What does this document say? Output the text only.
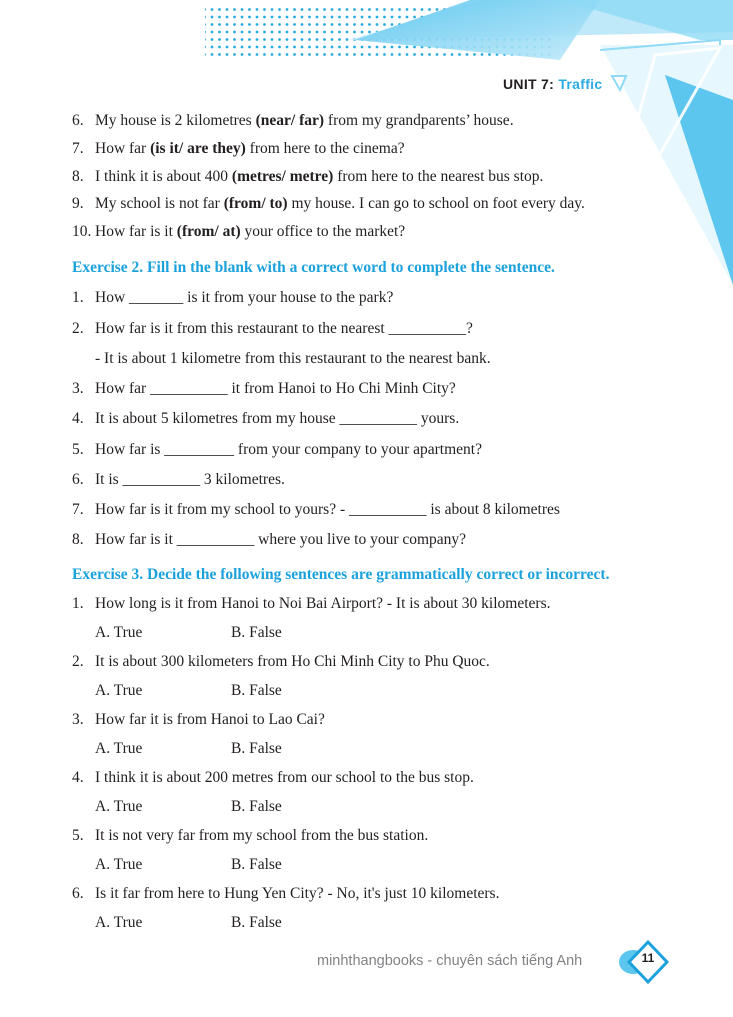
UNIT 7: Traffic
6. My house is 2 kilometres (near/ far) from my grandparents’ house.
7. How far (is it/ are they) from here to the cinema?
8. I think it is about 400 (metres/ metre) from here to the nearest bus stop.
9. My school is not far (from/ to) my house. I can go to school on foot every day.
10. How far is it (from/ at) your office to the market?
Exercise 2. Fill in the blank with a correct word to complete the sentence.
1. How _______ is it from your house to the park?
2. How far is it from this restaurant to the nearest __________?
- It is about 1 kilometre from this restaurant to the nearest bank.
3. How far __________ it from Hanoi to Ho Chi Minh City?
4. It is about 5 kilometres from my house __________ yours.
5. How far is _________ from your company to your apartment?
6. It is __________ 3 kilometres.
7. How far is it from my school to yours? - __________ is about 8 kilometres
8. How far is it __________ where you live to your company?
Exercise 3. Decide the following sentences are grammatically correct or incorrect.
1. How long is it from Hanoi to Noi Bai Airport? - It is about 30 kilometers.
A. True	B. False
2. It is about 300 kilometers from Ho Chi Minh City to Phu Quoc.
A. True	B. False
3. How far it is from Hanoi to Lao Cai?
A. True	B. False
4. I think it is about 200 metres from our school to the bus stop.
A. True	B. False
5. It is not very far from my school from the bus station.
A. True	B. False
6. Is it far from here to Hung Yen City? - No, it's just 10 kilometers.
A. True	B. False
minhthangbooks - chuyên sách tiếng Anh	11
